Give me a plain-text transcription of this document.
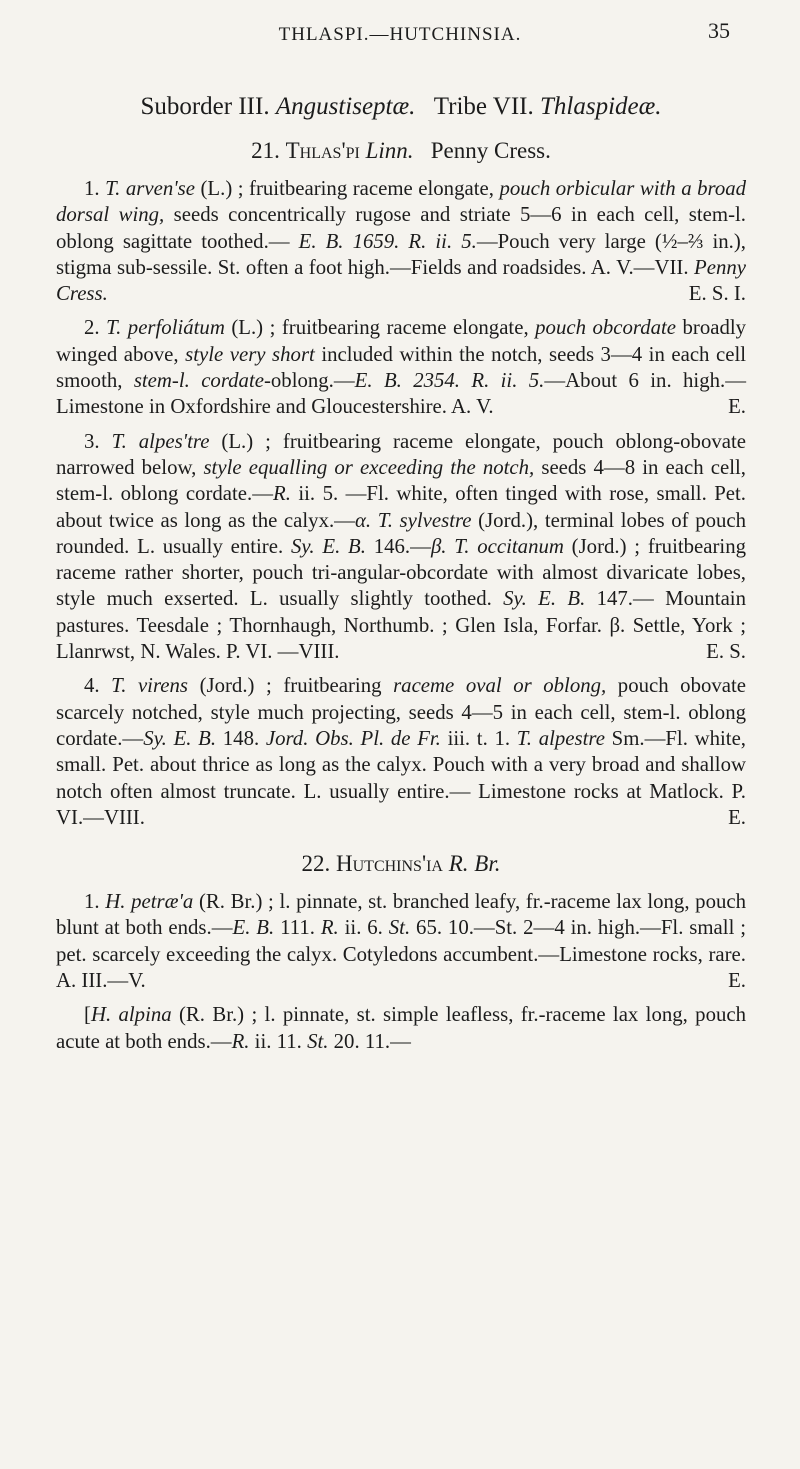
THLASPI.—HUTCHINSIA.	35
Suborder III. Angustiseptæ. Tribe VII. Thlaspideæ.
21. Thlas'pi Linn. Penny Cress.

1. T. arven'se (L.) ; fruitbearing raceme elongate, pouch orbicular with a broad dorsal wing, seeds concentrically rugose and striate 5—6 in each cell, stem-l. oblong sagittate toothed.— E. B. 1659. R. ii. 5.—Pouch very large (½–⅔ in.), stigma sub-sessile. St. often a foot high.—Fields and roadsides. A. V.—VII. Penny Cress.	E. S. I.

2. T. perfoliátum (L.) ; fruitbearing raceme elongate, pouch obcordate broadly winged above, style very short included within the notch, seeds 3—4 in each cell smooth, stem-l. cordate-oblong.—E. B. 2354. R. ii. 5.—About 6 in. high.—Limestone in Oxfordshire and Gloucestershire. A. V.	E.

3. T. alpes'tre (L.) ; fruitbearing raceme elongate, pouch oblong-obovate narrowed below, style equalling or exceeding the notch, seeds 4—8 in each cell, stem-l. oblong cordate.—R. ii. 5. —Fl. white, often tinged with rose, small. Pet. about twice as long as the calyx.—α. T. sylvestre (Jord.), terminal lobes of pouch rounded. L. usually entire. Sy. E. B. 146.—β. T. occitanum (Jord.) ; fruitbearing raceme rather shorter, pouch tri-angular-obcordate with almost divaricate lobes, style much exserted. L. usually slightly toothed. Sy. E. B. 147.— Mountain pastures. Teesdale ; Thornhaugh, Northumb. ; Glen Isla, Forfar. β. Settle, York ; Llanrwst, N. Wales. P. VI. —VIII.	E. S.

4. T. virens (Jord.) ; fruitbearing raceme oval or oblong, pouch obovate scarcely notched, style much projecting, seeds 4—5 in each cell, stem-l. oblong cordate.—Sy. E. B. 148. Jord. Obs. Pl. de Fr. iii. t. 1. T. alpestre Sm.—Fl. white, small. Pet. about thrice as long as the calyx. Pouch with a very broad and shallow notch often almost truncate. L. usually entire.— Limestone rocks at Matlock. P. VI.—VIII.	E.

22. Hutchins'ia R. Br.

1. H. petræ'a (R. Br.) ; l. pinnate, st. branched leafy, fr.-raceme lax long, pouch blunt at both ends.—E. B. 111. R. ii. 6. St. 65. 10.—St. 2—4 in. high.—Fl. small ; pet. scarcely exceeding the calyx. Cotyledons accumbent.—Limestone rocks, rare. A. III.—V.	E.

[H. alpina (R. Br.) ; l. pinnate, st. simple leafless, fr.-raceme lax long, pouch acute at both ends.—R. ii. 11. St. 20. 11.—
